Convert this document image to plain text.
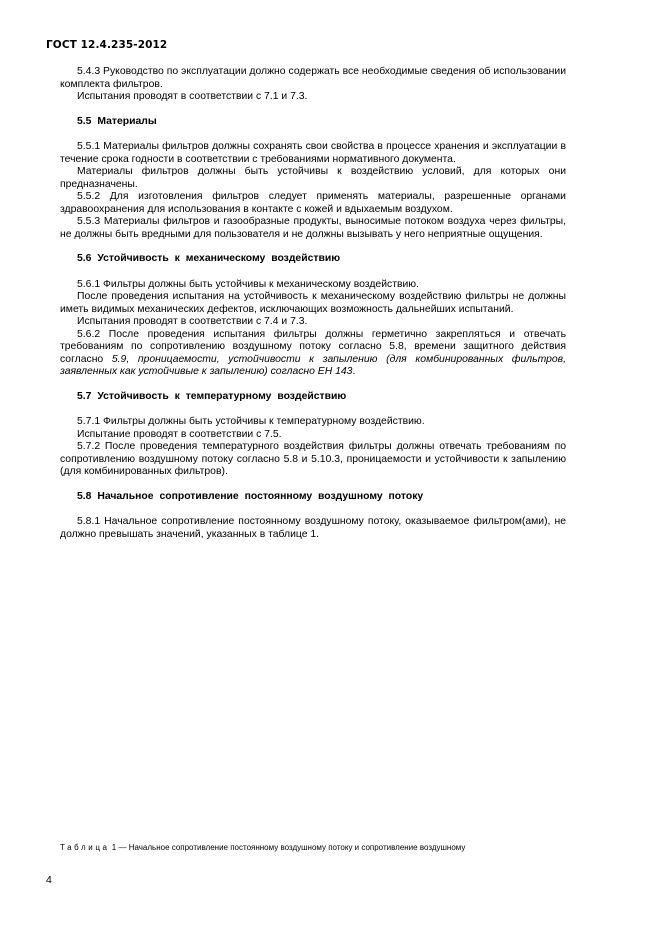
ГОСТ 12.4.235-2012

5.4.3 Руководство по эксплуатации должно содержать все необходимые сведения об использовании комплекта фильтров.

Испытания проводят в соответствии с 7.1 и 7.3.

5.5 Материалы

5.5.1 Материалы фильтров должны сохранять свои свойства в процессе хранения и эксплуатации в течение срока годности в соответствии с требованиями нормативного документа.

Материалы фильтров должны быть устойчивы к воздействию условий, для которых они предназначены.

5.5.2 Для изготовления фильтров следует применять материалы, разрешенные органами здравоохранения для использования в контакте с кожей и вдыхаемым воздухом.

5.5.3 Материалы фильтров и газообразные продукты, выносимые потоком воздуха через фильтры, не должны быть вредными для пользователя и не должны вызывать у него неприятные ощущения.

5.6 Устойчивость к механическому воздействию

5.6.1 Фильтры должны быть устойчивы к механическому воздействию.

После проведения испытания на устойчивость к механическому воздействию фильтры не должны иметь видимых механических дефектов, исключающих возможность дальнейших испытаний.

Испытания проводят в соответствии с 7.4 и 7.3.

5.6.2 После проведения испытания фильтры должны герметично закрепляться и отвечать требованиям по сопротивлению воздушному потоку согласно 5.8, времени защитного действия согласно 5.9, проницаемости, устойчивости к запылению (для комбинированных фильтров, заявленных как устойчивые к запылению) согласно ЕН 143.

5.7 Устойчивость к температурному воздействию

5.7.1 Фильтры должны быть устойчивы к температурному воздействию.

Испытание проводят в соответствии с 7.5.

5.7.2 После проведения температурного воздействия фильтры должны отвечать требованиям по сопротивлению воздушному потоку согласно 5.8 и 5.10.3, проницаемости и устойчивости к запылению (для комбинированных фильтров).

5.8 Начальное сопротивление постоянному воздушному потоку

5.8.1 Начальное сопротивление постоянному воздушному потоку, оказываемое фильтром(ами), не должно превышать значений, указанных в таблице 1.

Таблица 1 — Начальное сопротивление постоянному воздушному потоку и сопротивление воздушному
4
